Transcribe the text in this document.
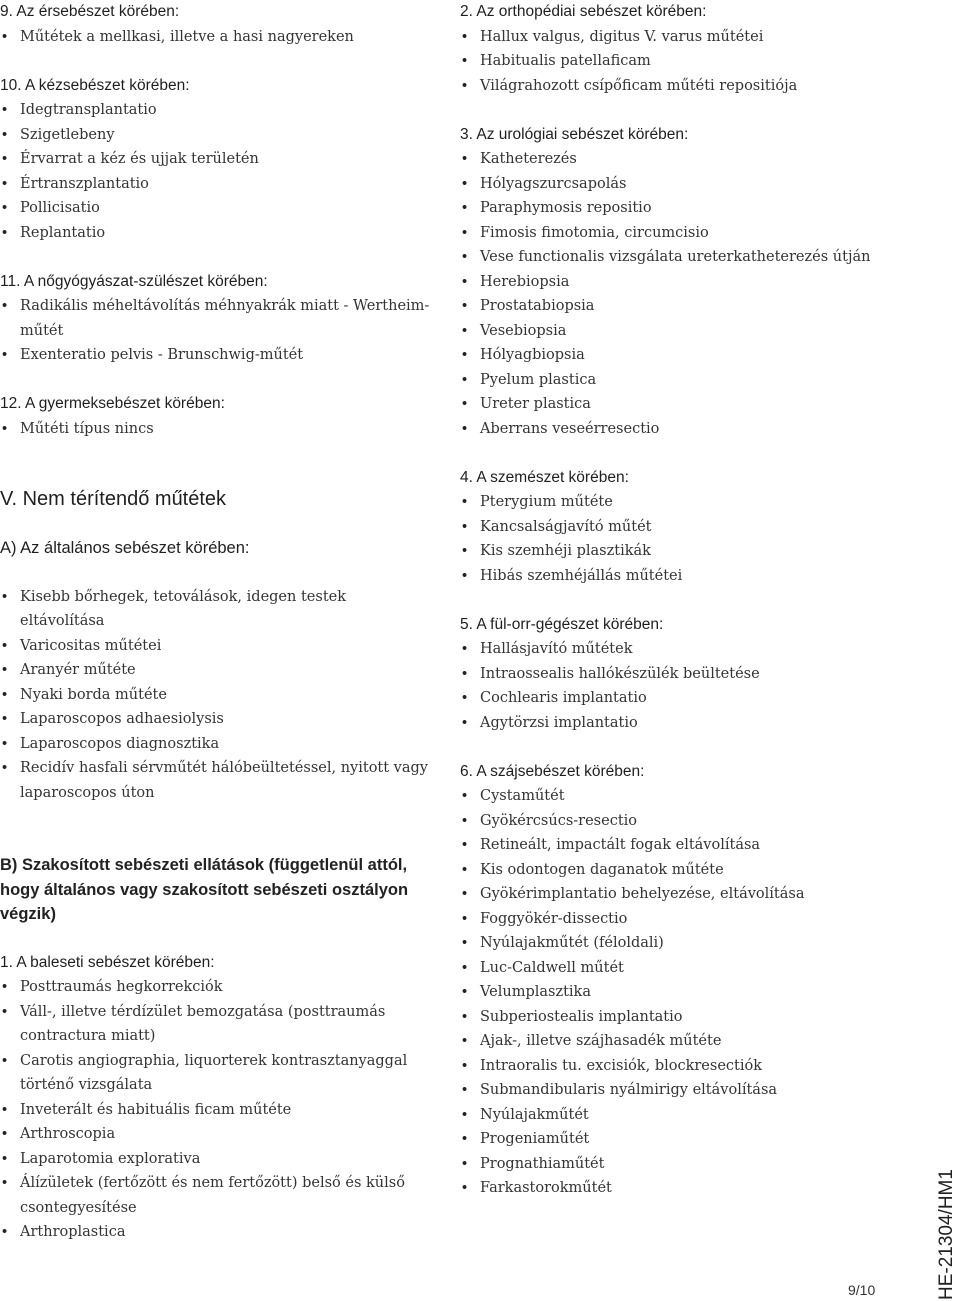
9. Az érsebészet körében:
• Műtétek a mellkasi, illetve a hasi nagyereken
10. A kézsebészet körében:
• Idegtransplantatio
• Szigetlebeny
• Érvarrat a kéz és ujjak területén
• Értranszplantatio
• Pollicisatio
• Replantatio
11. A nőgyógyászat-szülészet körében:
• Radikális méheltávolítás méhnyakrák miatt - Wertheim-műtét
• Exenteratio pelvis - Brunschwig-műtét
12. A gyermeksebészet körében:
• Műtéti típus nincs
V. Nem térítendő műtétek
A) Az általános sebészet körében:
• Kisebb bőrhegek, tetoválások, idegen testek eltávolítása
• Varicositas műtétei
• Aranyér műtéte
• Nyaki borda műtéte
• Laparoscopos adhaesiolysis
• Laparoscopos diagnosztika
• Recidív hasfali sérvműtét hálóbeültetéssel, nyitott vagy laparoscopos úton
B) Szakosított sebészeti ellátások (függetlenül attól, hogy általános vagy szakosított sebészeti osztályon végzik)
1. A baleseti sebészet körében:
• Posttraumás hegkorrekciók
• Váll-, illetve térdízület bemozgatása (posttraumás contractura miatt)
• Carotis angiographia, liquorterek kontrasztanyaggal történő vizsgálata
• Inveterált és habituális ficam műtéte
• Arthroscopia
• Laparotomia explorativa
• Álízületek (fertőzött és nem fertőzött) belső és külső csontegyesítése
• Arthroplastica
2. Az orthopédiai sebészet körében:
• Hallux valgus, digitus V. varus műtétei
• Habitualis patellaficam
• Világrahozott csípőficam műtéti repositiója
3. Az urológiai sebészet körében:
• Katheterezés
• Hólyagszurcsapolás
• Paraphymosis repositio
• Fimosis fimotomia, circumcisio
• Vese functionalis vizsgálata ureterkatheterezés útján
• Herebiopsia
• Prostatabiopsia
• Vesebiopsia
• Hólyagbiopsia
• Pyelum plastica
• Ureter plastica
• Aberrans veseérresectio
4. A szemészet körében:
• Pterygium műtéte
• Kancsalságjavító műtét
• Kis szemhéji plasztikák
• Hibás szemhéjállás műtétei
5. A fül-orr-gégészet körében:
• Hallásjavító műtétek
• Intraossealis hallókészülék beültetése
• Cochlearis implantatio
• Agytörzsi implantatio
6. A szájsebészet körében:
• Cystaműtét
• Gyökércsúcs-resectio
• Retineált, impactált fogak eltávolítása
• Kis odontogen daganatok műtéte
• Gyökérimplantatio behelyezése, eltávolítása
• Foggyökér-dissectio
• Nyúlajakműtét (féloldali)
• Luc-Caldwell műtét
• Velumplasztika
• Subperiostealis implantatio
• Ajak-, illetve szájhasadék műtéte
• Intraoralis tu. excisiók, blockresectiók
• Submandibularis nyálmirigy eltávolítása
• Nyúlajakműtét
• Progeniaműtét
• Prognathiaműtét
• Farkastorokműtét
9/10	HE-21304/HM1
